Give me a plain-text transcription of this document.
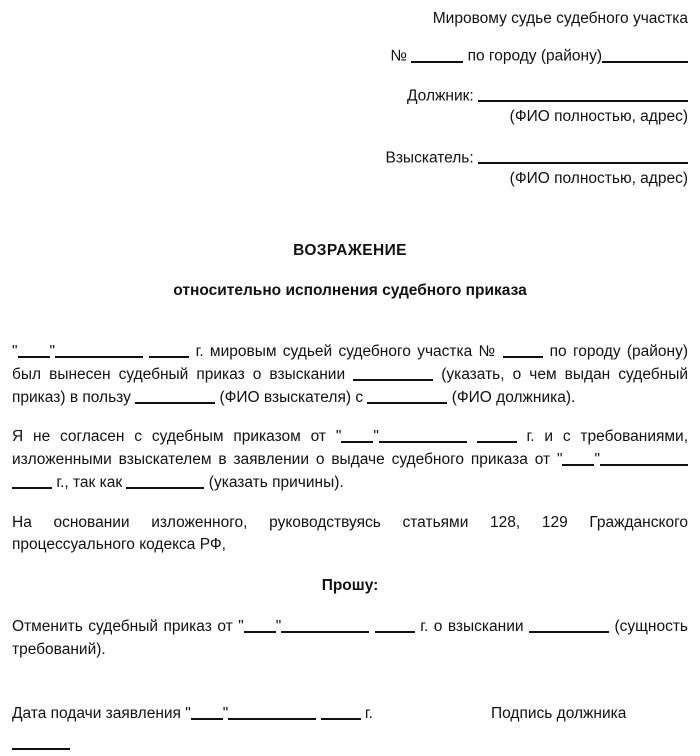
Мировому судье судебного участка
№	по городу (району)
Должник:
(ФИО полностью, адрес)
Взыскатель:
(ФИО полностью, адрес)
ВОЗРАЖЕНИЕ
относительно исполнения судебного приказа

" "	г. мировым судьей судебного участка №	по городу (району) был вынесен судебный приказ о взыскании	(указать, о чем выдан судебный приказ) в пользу	(ФИО взыскателя) с	(ФИО должника).

Я не согласен с судебным приказом от " "	г. и с требованиями, изложенными взыскателем в заявлении о выдаче судебного приказа от " "  г., так как	(указать причины).

На основании изложенного, руководствуясь статьями 128, 129 Гражданского процессуального кодекса РФ,

Прошу:

Отменить судебный приказ от " "	г. о взыскании	(сущность требований).

Дата подачи заявления " "	г.	Подпись должника
